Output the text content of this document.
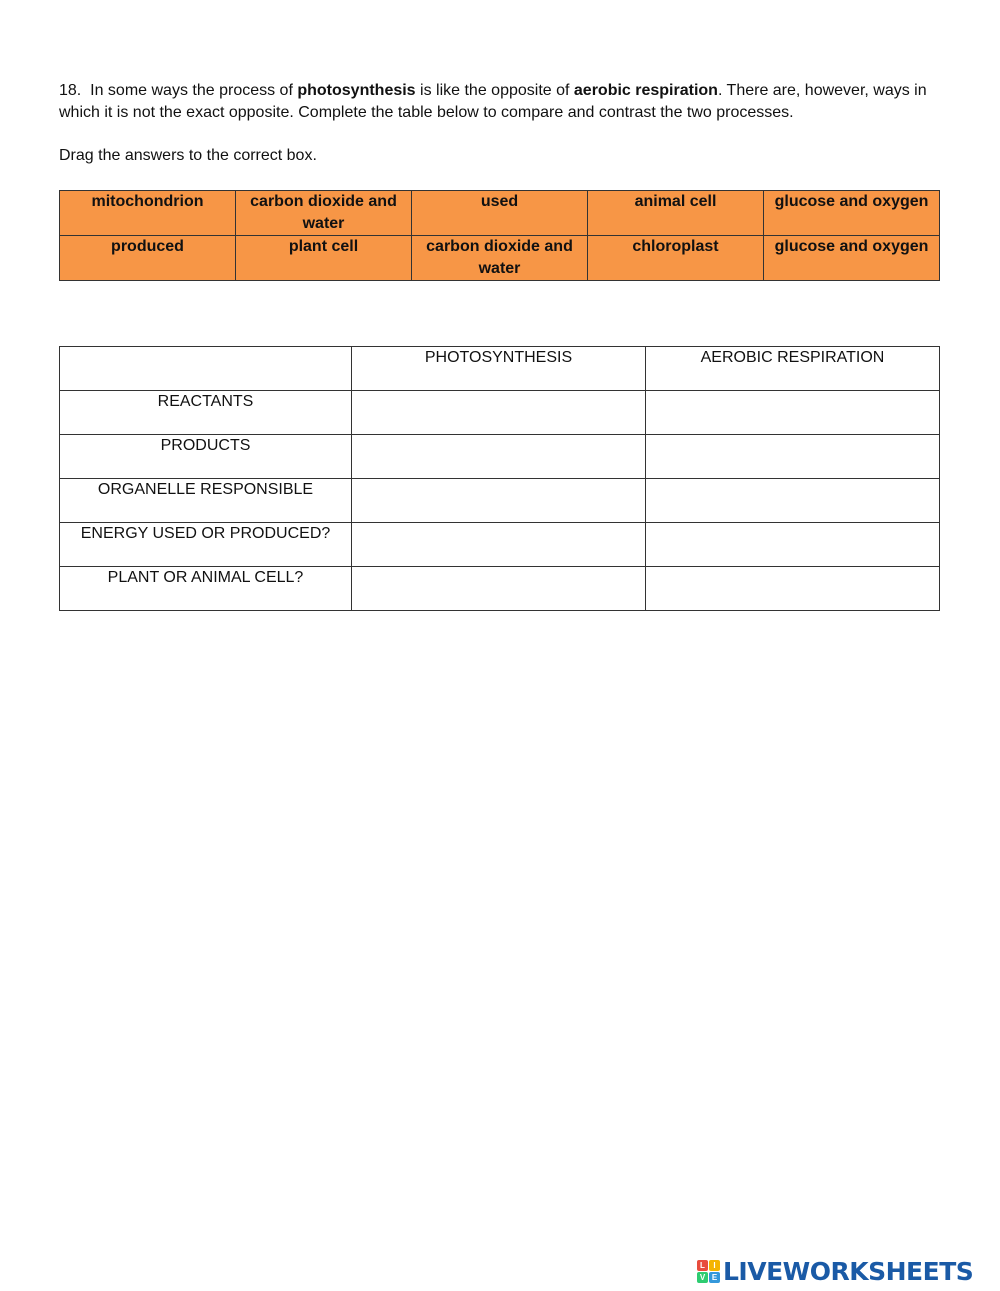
18. In some ways the process of photosynthesis is like the opposite of aerobic respiration. There are, however, ways in which it is not the exact opposite. Complete the table below to compare and contrast the two processes.
Drag the answers to the correct box.
mitochondrion	carbon dioxide and water	used	animal cell	glucose and oxygen
produced	plant cell	carbon dioxide and water	chloroplast	glucose and oxygen
	PHOTOSYNTHESIS	AEROBIC RESPIRATION
REACTANTS		
PRODUCTS		
ORGANELLE RESPONSIBLE		
ENERGY USED OR PRODUCED?		
PLANT OR ANIMAL CELL?		
L	I
V E LIVEWORKSHEETS
